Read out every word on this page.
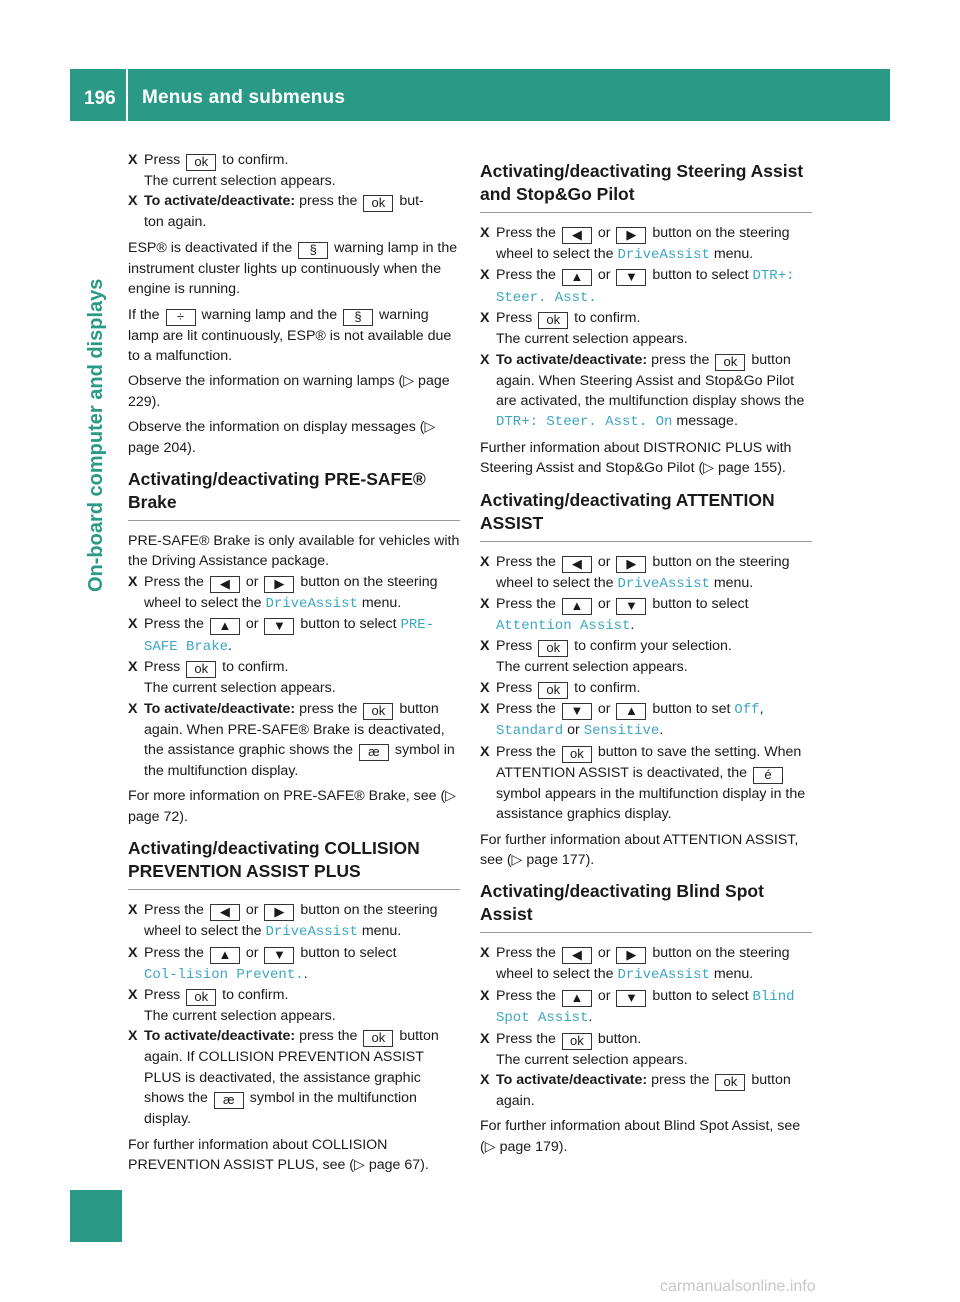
196 Menus and submenus
On-board computer and displays
X Press ok to confirm.
The current selection appears.
X To activate/deactivate: press the ok but-
ton again.
ESP® is deactivated if the § warning lamp in the instrument cluster lights up continuously when the engine is running.
If the ÷ warning lamp and the § warning lamp are lit continuously, ESP® is not available due to a malfunction.
Observe the information on warning lamps (▷ page 229).
Observe the information on display messages (▷ page 204).
Activating/deactivating PRE-SAFE® Brake
PRE-SAFE® Brake is only available for vehicles with the Driving Assistance package.
X Press the ◀ or ▶ button on the steering wheel to select the DriveAssist menu.
X Press the ▲ or ▼ button to select PRE-SAFE Brake.
X Press ok to confirm.
The current selection appears.
X To activate/deactivate: press the ok button again. When PRE-SAFE® Brake is deactivated, the assistance graphic shows the æ symbol in the multifunction display.
For more information on PRE-SAFE® Brake, see (▷ page 72).
Activating/deactivating COLLISION PREVENTION ASSIST PLUS
X Press the ◀ or ▶ button on the steering wheel to select the DriveAssist menu.
X Press the ▲ or ▼ button to select Col‑lision Prevent..
X Press ok to confirm.
The current selection appears.
X To activate/deactivate: press the ok button again. If COLLISION PREVENTION ASSIST PLUS is deactivated, the assistance graphic shows the æ symbol in the multifunction display.
For further information about COLLISION PREVENTION ASSIST PLUS, see (▷ page 67).
Activating/deactivating Steering Assist and Stop&Go Pilot
X Press the ◀ or ▶ button on the steering wheel to select the DriveAssist menu.
X Press the ▲ or ▼ button to select DTR+: Steer. Asst.
X Press ok to confirm.
The current selection appears.
X To activate/deactivate: press the ok button again. When Steering Assist and Stop&Go Pilot are activated, the multifunction display shows the DTR+: Steer. Asst. On message.
Further information about DISTRONIC PLUS with Steering Assist and Stop&Go Pilot (▷ page 155).
Activating/deactivating ATTENTION ASSIST
X Press the ◀ or ▶ button on the steering wheel to select the DriveAssist menu.
X Press the ▲ or ▼ button to select Attention Assist.
X Press ok to confirm your selection.
The current selection appears.
X Press ok to confirm.
X Press the ▼ or ▲ button to set Off, Standard or Sensitive.
X Press the ok button to save the setting. When ATTENTION ASSIST is deactivated, the é symbol appears in the multifunction display in the assistance graphics display.
For further information about ATTENTION ASSIST, see (▷ page 177).
Activating/deactivating Blind Spot Assist
X Press the ◀ or ▶ button on the steering wheel to select the DriveAssist menu.
X Press the ▲ or ▼ button to select Blind Spot Assist.
X Press the ok button.
The current selection appears.
X To activate/deactivate: press the ok button again.
For further information about Blind Spot Assist, see (▷ page 179).
carmanualsonline.info
